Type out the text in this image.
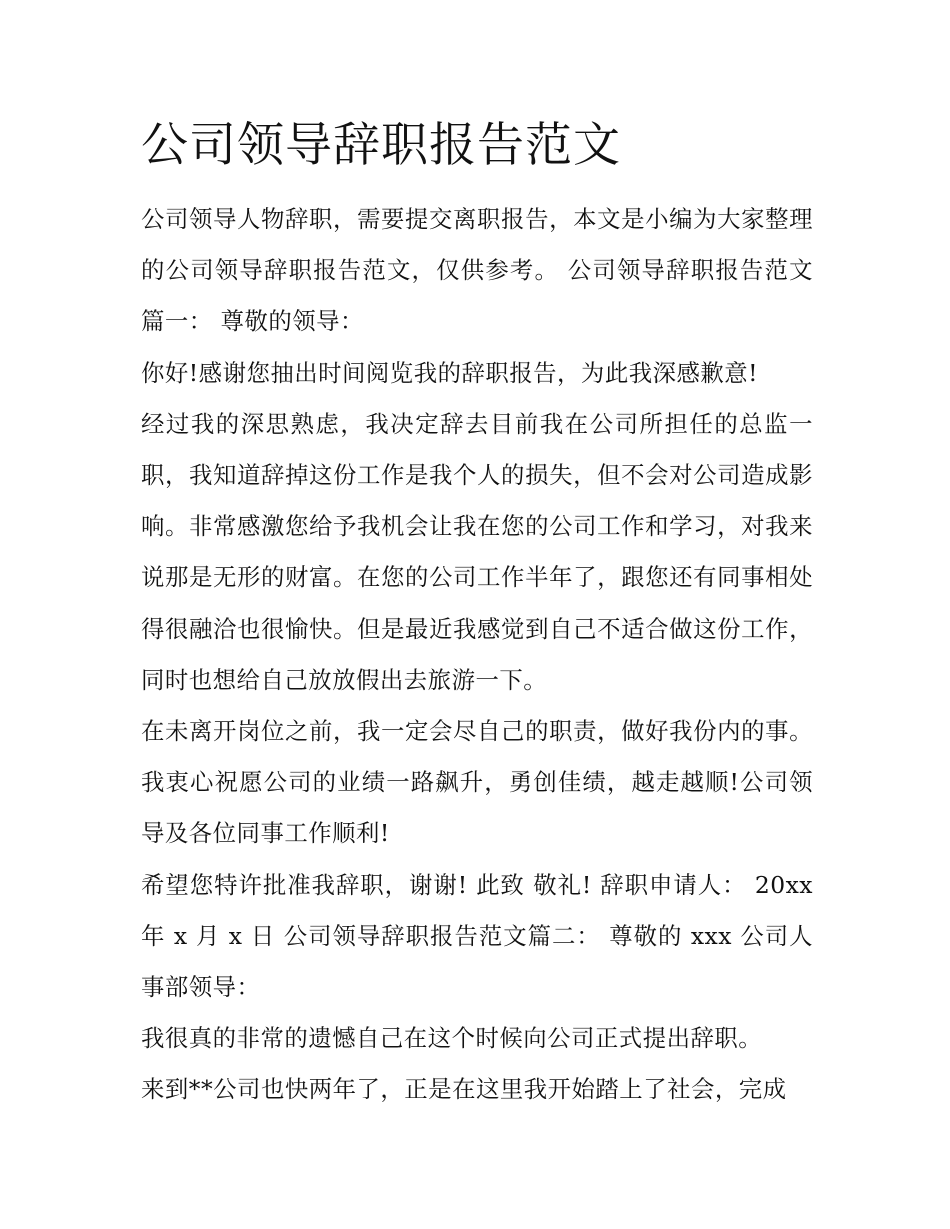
公司领导辞职报告范文

公司领导人物辞职，需要提交离职报告，本文是小编为大家整理的公司领导辞职报告范文，仅供参考。 公司领导辞职报告范文篇一： 尊敬的领导：

你好!感谢您抽出时间阅览我的辞职报告，为此我深感歉意!

经过我的深思熟虑，我决定辞去目前我在公司所担任的总监一职，我知道辞掉这份工作是我个人的损失，但不会对公司造成影响。非常感激您给予我机会让我在您的公司工作和学习，对我来说那是无形的财富。在您的公司工作半年了，跟您还有同事相处得很融洽也很愉快。但是最近我感觉到自己不适合做这份工作，同时也想给自己放放假出去旅游一下。

在未离开岗位之前，我一定会尽自己的职责，做好我份内的事。我衷心祝愿公司的业绩一路飙升，勇创佳绩，越走越顺!公司领导及各位同事工作顺利!

希望您特许批准我辞职，谢谢! 此致 敬礼! 辞职申请人： 20xx年 x 月 x 日 公司领导辞职报告范文篇二： 尊敬的 xxx 公司人事部领导：

我很真的非常的遗憾自己在这个时候向公司正式提出辞职。

来到**公司也快两年了，正是在这里我开始踏上了社会，完成
